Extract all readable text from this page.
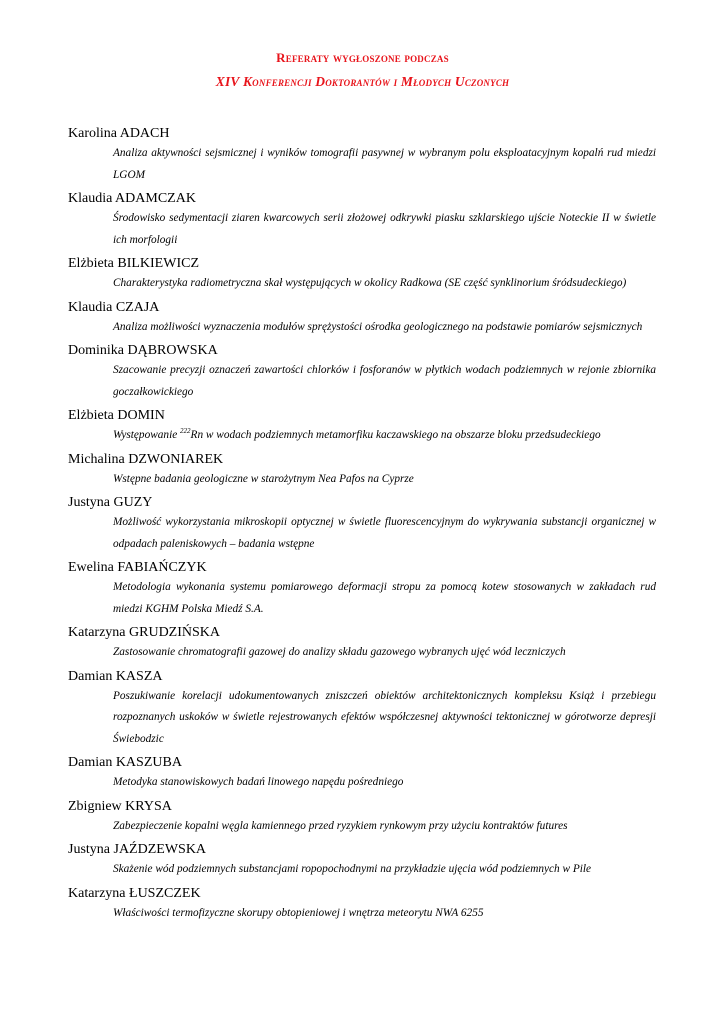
Referaty wygłoszone podczas
XIV Konferencji Doktorantów i Młodych Uczonych
Karolina ADACH
Analiza aktywności sejsmicznej i wyników tomografii pasywnej w wybranym polu eksploatacyjnym kopalń rud miedzi LGOM
Klaudia ADAMCZAK
Środowisko sedymentacji ziaren kwarcowych serii złożowej odkrywki piasku szklarskiego ujście Noteckie II w świetle ich morfologii
Elżbieta BILKIEWICZ
Charakterystyka radiometryczna skał występujących w okolicy Radkowa (SE część synklinorium śródsudeckiego)
Klaudia CZAJA
Analiza możliwości wyznaczenia modułów sprężystości ośrodka geologicznego na podstawie pomiarów sejsmicznych
Dominika DĄBROWSKA
Szacowanie precyzji oznaczeń zawartości chlorków i fosforanów w płytkich wodach podziemnych w rejonie zbiornika goczałkowickiego
Elżbieta DOMIN
Występowanie $^{222}$Rn w wodach podziemnych metamorfiku kaczawskiego na obszarze bloku przedsudeckiego
Michalina DZWONIAREK
Wstępne badania geologiczne w starożytnym Nea Pafos na Cyprze
Justyna GUZY
Możliwość wykorzystania mikroskopii optycznej w świetle fluorescencyjnym do wykrywania substancji organicznej w odpadach paleniskowych – badania wstępne
Ewelina FABIAŃCZYK
Metodologia wykonania systemu pomiarowego deformacji stropu za pomocą kotew stosowanych w zakładach rud miedzi KGHM Polska Miedź S.A.
Katarzyna GRUDZIŃSKA
Zastosowanie chromatografii gazowej do analizy składu gazowego wybranych ujęć wód leczniczych
Damian KASZA
Poszukiwanie korelacji udokumentowanych zniszczeń obiektów architektonicznych kompleksu Książ i przebiegu rozpoznanych uskoków w świetle rejestrowanych efektów współczesnej aktywności tektonicznej w górotworze depresji Świebodzic
Damian KASZUBA
Metodyka stanowiskowych badań linowego napędu pośredniego
Zbigniew KRYSA
Zabezpieczenie kopalni węgla kamiennego przed ryzykiem rynkowym przy użyciu kontraktów futures
Justyna JAŹDZEWSKA
Skażenie wód podziemnych substancjami ropopochodnymi na przykładzie ujęcia wód podziemnych w Pile
Katarzyna ŁUSZCZEK
Właściwości termofizyczne skorupy obtopieniowej i wnętrza meteorytu NWA 6255
